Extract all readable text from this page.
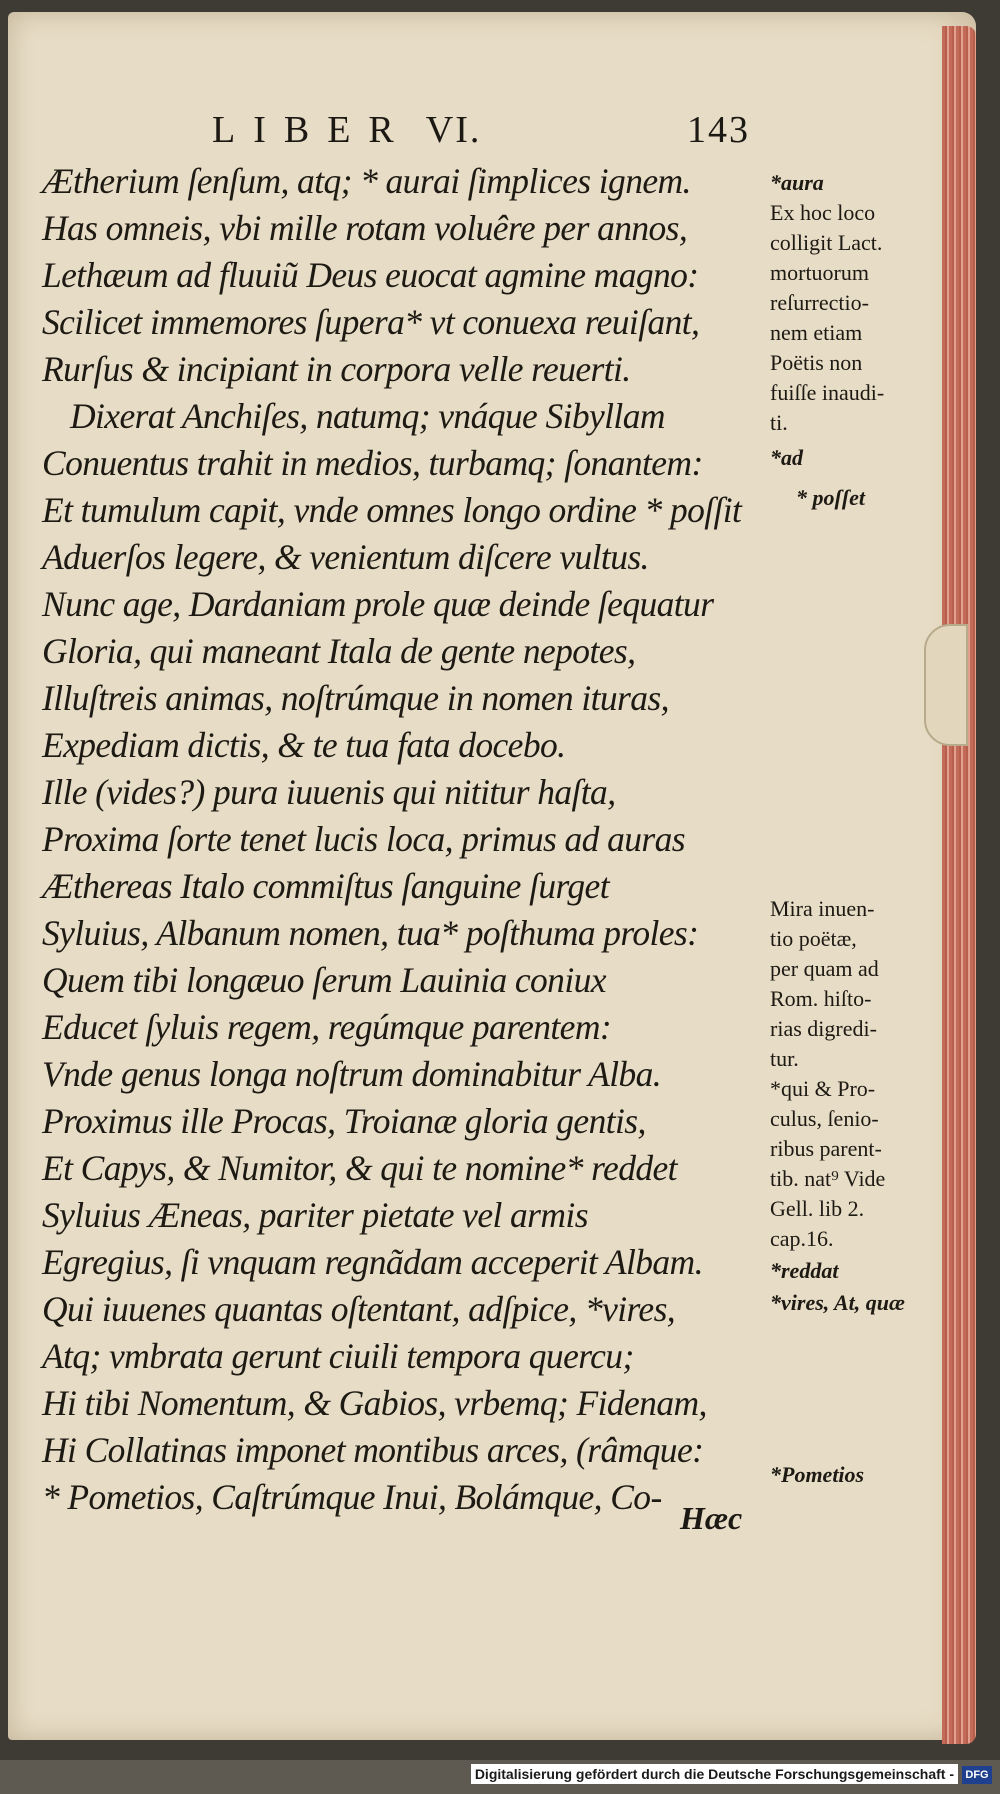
LIBER VI.	143
Ætherium ſenſum, atq; * aurai ſimplices ignem.
Has omneis, vbi mille rotam voluêre per annos,
Lethæum ad fluuiũ Deus euocat agmine magno:
Scilicet immemores ſupera* vt conuexa reuiſant,
Rurſus & incipiant in corpora velle reuerti.
Dixerat Anchiſes, natumq; vnáque Sibyllam
Conuentus trahit in medios, turbamq; ſonantem:
Et tumulum capit, vnde omnes longo ordine * poſſit
Aduerſos legere, & venientum diſcere vultus.
Nunc age, Dardaniam prole quæ deinde ſequatur
Gloria, qui maneant Itala de gente nepotes,
Illuſtreis animas, noſtrúmque in nomen ituras,
Expediam dictis, & te tua fata docebo.
Ille (vides?) pura iuuenis qui nititur haſta,
Proxima ſorte tenet lucis loca, primus ad auras
Æthereas Italo commiſtus ſanguine ſurget
Syluius, Albanum nomen, tua* poſthuma proles:
Quem tibi longæuo ſerum Lauinia coniux
Educet ſyluis regem, regúmque parentem:
Vnde genus longa noſtrum dominabitur Alba.
Proximus ille Procas, Troianæ gloria gentis,
Et Capys, & Numitor, & qui te nomine* reddet
Syluius Æneas, pariter pietate vel armis
Egregius, ſi vnquam regnãdam acceperit Albam.
Qui iuuenes quantas oſtentant, adſpice, *vires,
Atq; vmbrata gerunt ciuili tempora quercu;
Hi tibi Nomentum, & Gabios, vrbemq; Fidenam,
Hi Collatinas imponet montibus arces, (râmque:
* Pometios, Caſtrúmque Inui, Bolámque, Co-
Hæc
*aura
Ex hoc loco
colligit Lact.
mortuorum
reſurrectio-
nem etiam
Poëtis non
fuiſſe inaudi-
ti.
*ad
* poſſet
Mira inuen-
tio poëtæ,
per quam ad
Rom. hiſto-
rias digredi-
tur.
*qui & Pro-
culus, ſenio-
ribus parent-
tib. nat⁹ Vide
Gell. lib 2.
cap.16.
*reddat
*vires, At, quæ
*Pometios
Digitalisierung gefördert durch die Deutsche Forschungsgemeinschaft -	DFG
